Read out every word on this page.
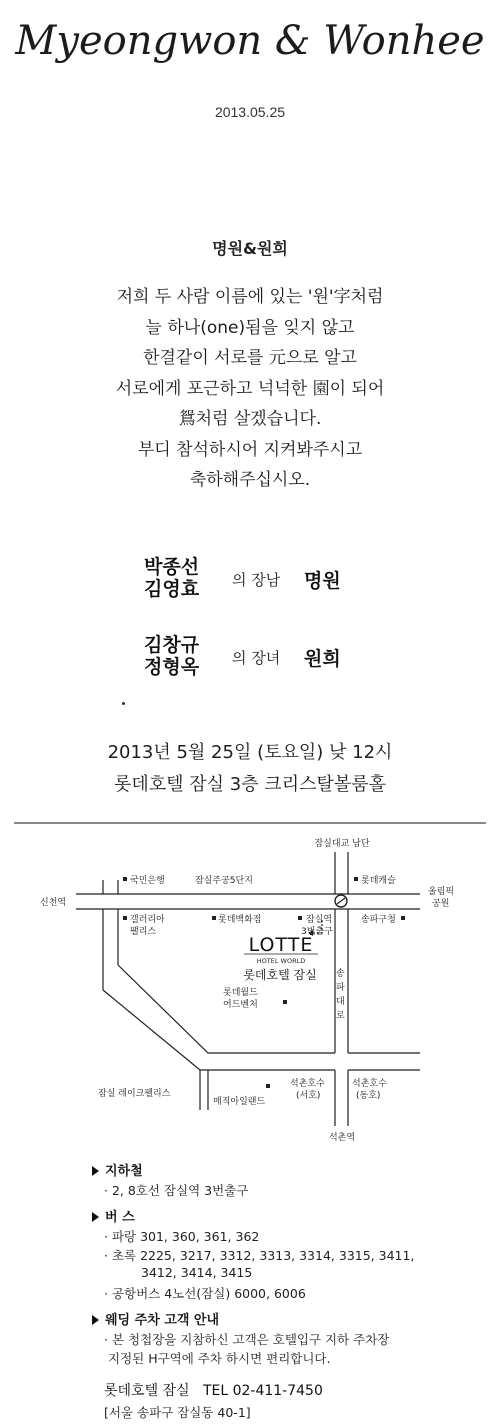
Myeongwon & Wonhee
2013.05.25
명원&원희
저희 두 사람 이름에 있는 '원'字처럼
늘 하나(one)됨을 잊지 않고
한결같이 서로를 元으로 알고
서로에게 포근하고 넉넉한 園이 되어
鴛처럼 살겠습니다.
부디 참석하시어 지켜봐주시고
축하해주십시오.
박종선
김영효 의 장남 명원
김창규
정형옥 의 장녀 원희
2013년 5월 25일 (토요일) 낮 12시
롯데호텔 잠실 3층 크리스탈볼룸홀
잠실대교 남단
신천역
국민은행	잠실주공5단지	롯데캐슬
올림픽
공원
갤러리아
팰리스
롯데백화점	잠실역
3번출구
송파구청
송
파
대
로
롯데월드
어드벤처
잠실 레이크펠리스
매직아일랜드
석촌호수
(서호)
석촌호수
(동호)
석촌역
LOTTE
HOTEL WORLD
롯데호텔 잠실
지하철
· 2, 8호선 잠실역 3번출구
버 스
· 파랑 301, 360, 361, 362
· 초록 2225, 3217, 3312, 3313, 3314, 3315, 3411,
3412, 3414, 3415
· 공항버스 4노선(잠실) 6000, 6006
웨딩 주차 고객 안내
· 본 청첩장을 지참하신 고객은 호텔입구 지하 주차장
지정된 H구역에 주차 하시면 편리합니다.
롯데호텔 잠실   TEL 02-411-7450
[서울 송파구 잠실동 40-1]
